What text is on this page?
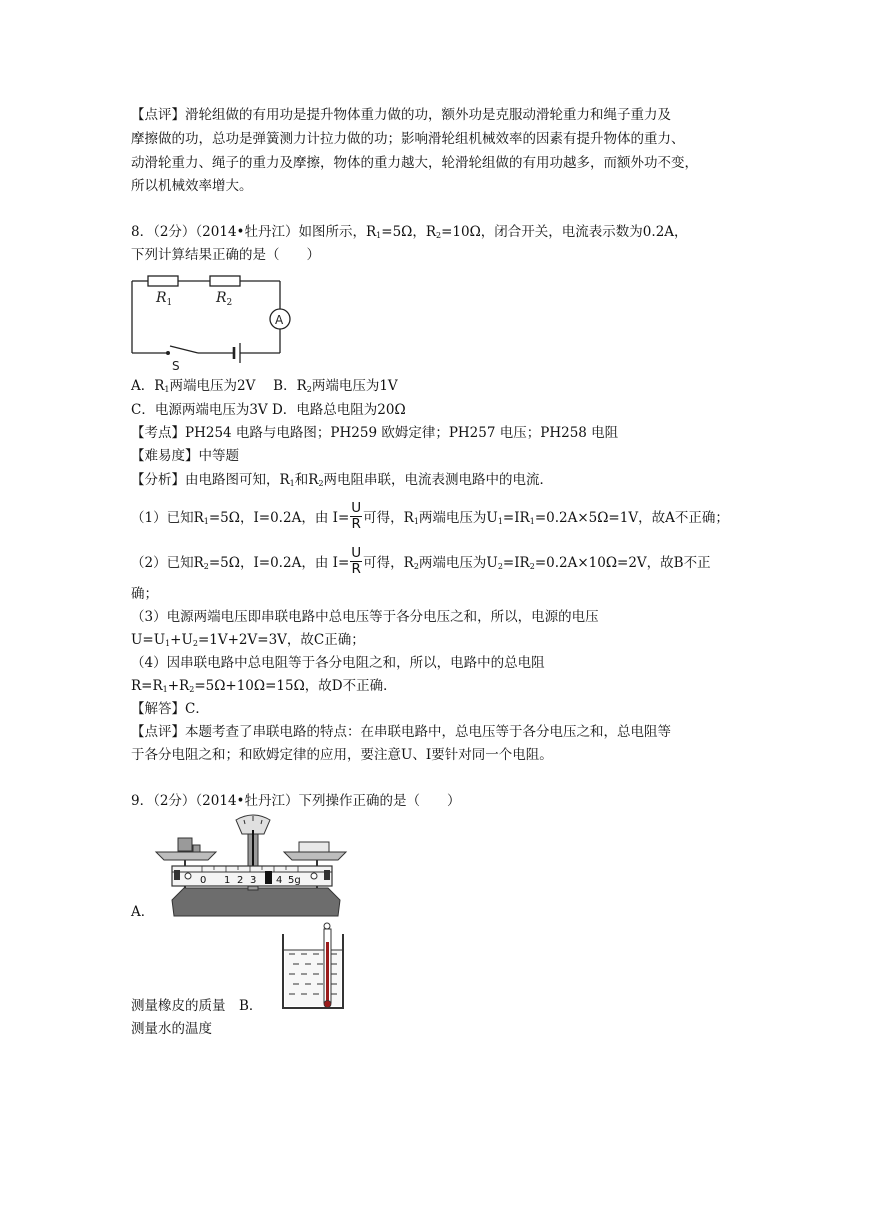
【点评】滑轮组做的有用功是提升物体重力做的功，额外功是克服动滑轮重力和绳子重力及
摩擦做的功，总功是弹簧测力计拉力做的功；影响滑轮组机械效率的因素有提升物体的重力、
动滑轮重力、绳子的重力及摩擦，物体的重力越大，轮滑轮组做的有用功越多，而额外功不变，
所以机械效率增大。
8．（2分）（2014•牡丹江）如图所示，$R_1=5\Omega$，$R_2=10\Omega$，闭合开关，电流表示数为0.2A，
下列计算结果正确的是（　　）
$R_1$	$R_2$
A
S
A．$R_1$两端电压为2V　 B．$R_2$两端电压为1V
C．电源两端电压为3V D．电路总电阻为20Ω
【考点】PH254 电路与电路图；PH259 欧姆定律；PH257 电压；PH258 电阻
【难易度】中等题
【分析】由电路图可知，$R_1$和$R_2$两电阻串联，电流表测电路中的电流．
（1）已知$R_1=5\Omega$，I=0.2A，由 $I= \frac{U}{R}$ 可得，$R_1$两端电压为$U_1=IR_1=0.2A\times 5\Omega=1V$，故A不正确；
（2）已知$R_2=5\Omega$，I=0.2A，由 $I= \frac{U}{R}$ 可得，$R_2$两端电压为$U_2=IR_2=0.2A\times 10\Omega=2V$，故B不正
确；
（3）电源两端电压即串联电路中总电压等于各分电压之和，所以，电源的电压
$U=U_1+U_2=1V+2V=3V$，故C正确；
（4）因串联电路中总电阻等于各分电阻之和，所以，电路中的总电阻
$R=R_1+R_2=5\Omega+10\Omega=15\Omega$，故D不正确．
【解答】C．
【点评】本题考查了串联电路的特点：在串联电路中，总电压等于各分电压之和，总电阻等
于各分电阻之和；和欧姆定律的应用，要注意U、I要针对同一个电阻。
9．（2分）（2014•牡丹江）下列操作正确的是（　　）
0 1 2 3 4 5g
A．
测量橡皮的质量　B．
测量水的温度
